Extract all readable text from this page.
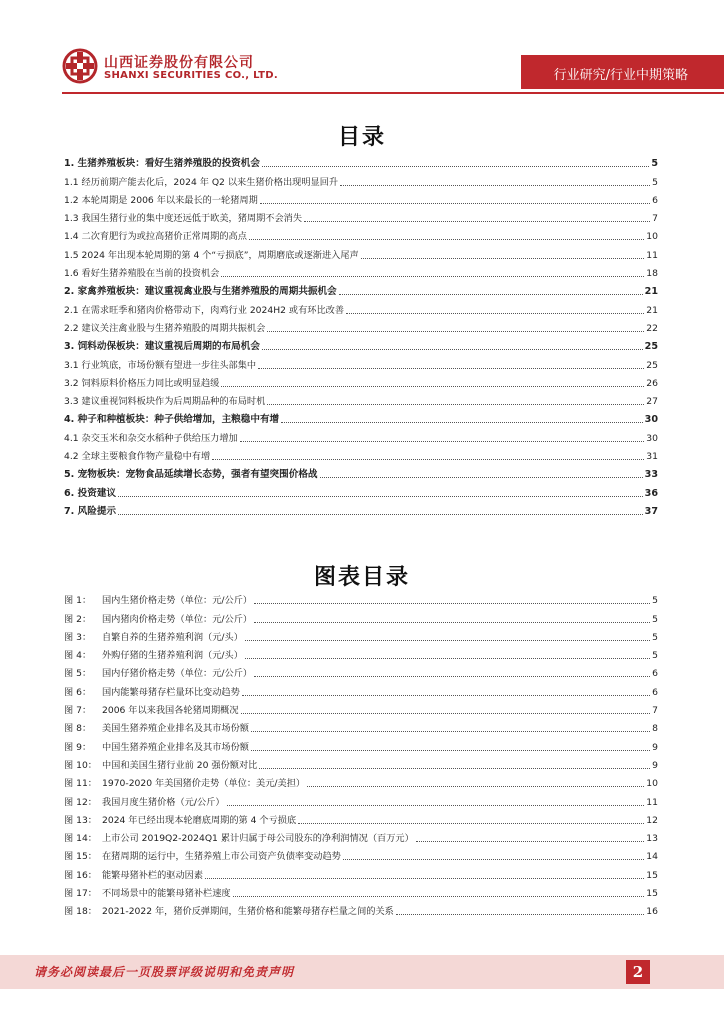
山西证券股份有限公司
SHANXI SECURITIES CO., LTD.	行业研究/行业中期策略
目录
1. 生猪养殖板块：看好生猪养殖股的投资机会	5
1.1 经历前期产能去化后，2024 年 Q2 以来生猪价格出现明显回升	5
1.2 本轮周期是 2006 年以来最长的一轮猪周期	6
1.3 我国生猪行业的集中度还远低于欧美，猪周期不会消失	7
1.4 二次育肥行为或拉高猪价正常周期的高点	10
1.5 2024 年出现本轮周期的第 4 个“亏损底”，周期磨底或逐渐进入尾声	11
1.6 看好生猪养殖股在当前的投资机会	18
2. 家禽养殖板块：建议重视禽业股与生猪养殖股的周期共振机会	21
2.1 在需求旺季和猪肉价格带动下，肉鸡行业 2024H2 或有环比改善	21
2.2 建议关注禽业股与生猪养殖股的周期共振机会	22
3. 饲料动保板块：建议重视后周期的布局机会	25
3.1 行业筑底，市场份额有望进一步往头部集中	25
3.2 饲料原料价格压力同比或明显趋缓	26
3.3 建议重视饲料板块作为后周期品种的布局时机	27
4. 种子和种植板块：种子供给增加，主粮稳中有增	30
4.1 杂交玉米和杂交水稻种子供给压力增加	30
4.2 全球主要粮食作物产量稳中有增	31
5. 宠物板块：宠物食品延续增长态势，强者有望突围价格战	33
6. 投资建议	36
7. 风险提示	37
图表目录
图 1：	国内生猪价格走势（单位：元/公斤）	5
图 2：	国内猪肉价格走势（单位：元/公斤）	5
图 3：	自繁自养的生猪养殖利润（元/头）	5
图 4：	外购仔猪的生猪养殖利润（元/头）	5
图 5：	国内仔猪价格走势（单位：元/公斤）	6
图 6：	国内能繁母猪存栏量环比变动趋势	6
图 7：	2006 年以来我国各轮猪周期概况	7
图 8：	美国生猪养殖企业排名及其市场份额	8
图 9：	中国生猪养殖企业排名及其市场份额	9
图 10： 中国和美国生猪行业前 20 强份额对比	9
图 11： 1970-2020 年美国猪价走势（单位：美元/美担）	10
图 12： 我国月度生猪价格（元/公斤）	11
图 13： 2024 年已经出现本轮磨底周期的第 4 个亏损底	12
图 14： 上市公司 2019Q2-2024Q1 累计归属于母公司股东的净利润情况（百万元）	13
图 15： 在猪周期的运行中，生猪养殖上市公司资产负债率变动趋势	14
图 16： 能繁母猪补栏的驱动因素	15
图 17： 不同场景中的能繁母猪补栏速度	15
图 18： 2021-2022 年，猪价反弹期间，生猪价格和能繁母猪存栏量之间的关系	16
请务必阅读最后一页股票评级说明和免责声明	2
